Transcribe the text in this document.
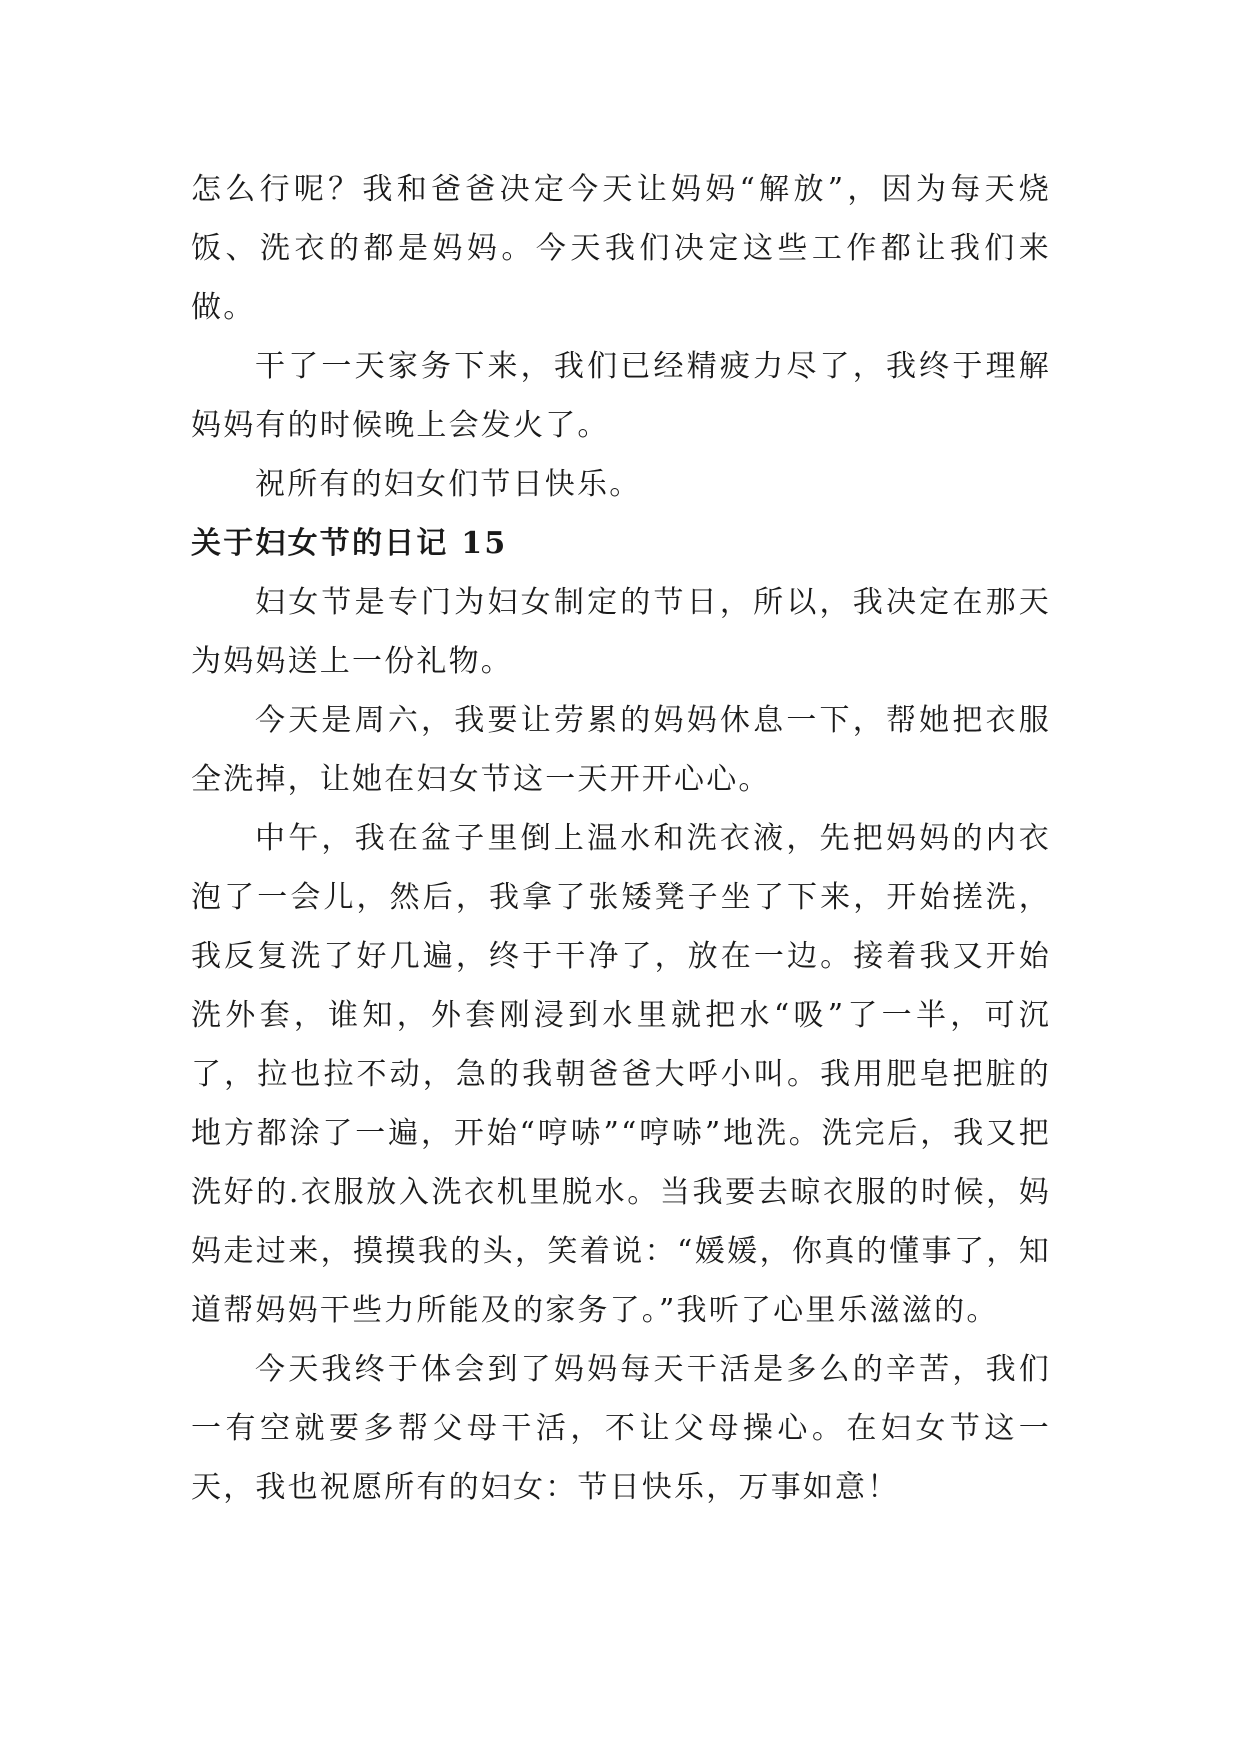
怎么行呢？我和爸爸决定今天让妈妈“解放”，因为每天烧饭、洗衣的都是妈妈。今天我们决定这些工作都让我们来做。

干了一天家务下来，我们已经精疲力尽了，我终于理解妈妈有的时候晚上会发火了。

祝所有的妇女们节日快乐。

关于妇女节的日记 15

妇女节是专门为妇女制定的节日，所以，我决定在那天为妈妈送上一份礼物。

今天是周六，我要让劳累的妈妈休息一下，帮她把衣服全洗掉，让她在妇女节这一天开开心心。

中午，我在盆子里倒上温水和洗衣液，先把妈妈的内衣泡了一会儿，然后，我拿了张矮凳子坐了下来，开始搓洗，我反复洗了好几遍，终于干净了，放在一边。接着我又开始洗外套，谁知，外套刚浸到水里就把水“吸”了一半，可沉了，拉也拉不动，急的我朝爸爸大呼小叫。我用肥皂把脏的地方都涂了一遍，开始“哼哧”“哼哧”地洗。洗完后，我又把洗好的.衣服放入洗衣机里脱水。当我要去晾衣服的时候，妈妈走过来，摸摸我的头，笑着说：“媛媛，你真的懂事了，知道帮妈妈干些力所能及的家务了。”我听了心里乐滋滋的。

今天我终于体会到了妈妈每天干活是多么的辛苦，我们一有空就要多帮父母干活，不让父母操心。在妇女节这一天，我也祝愿所有的妇女：节日快乐，万事如意！
